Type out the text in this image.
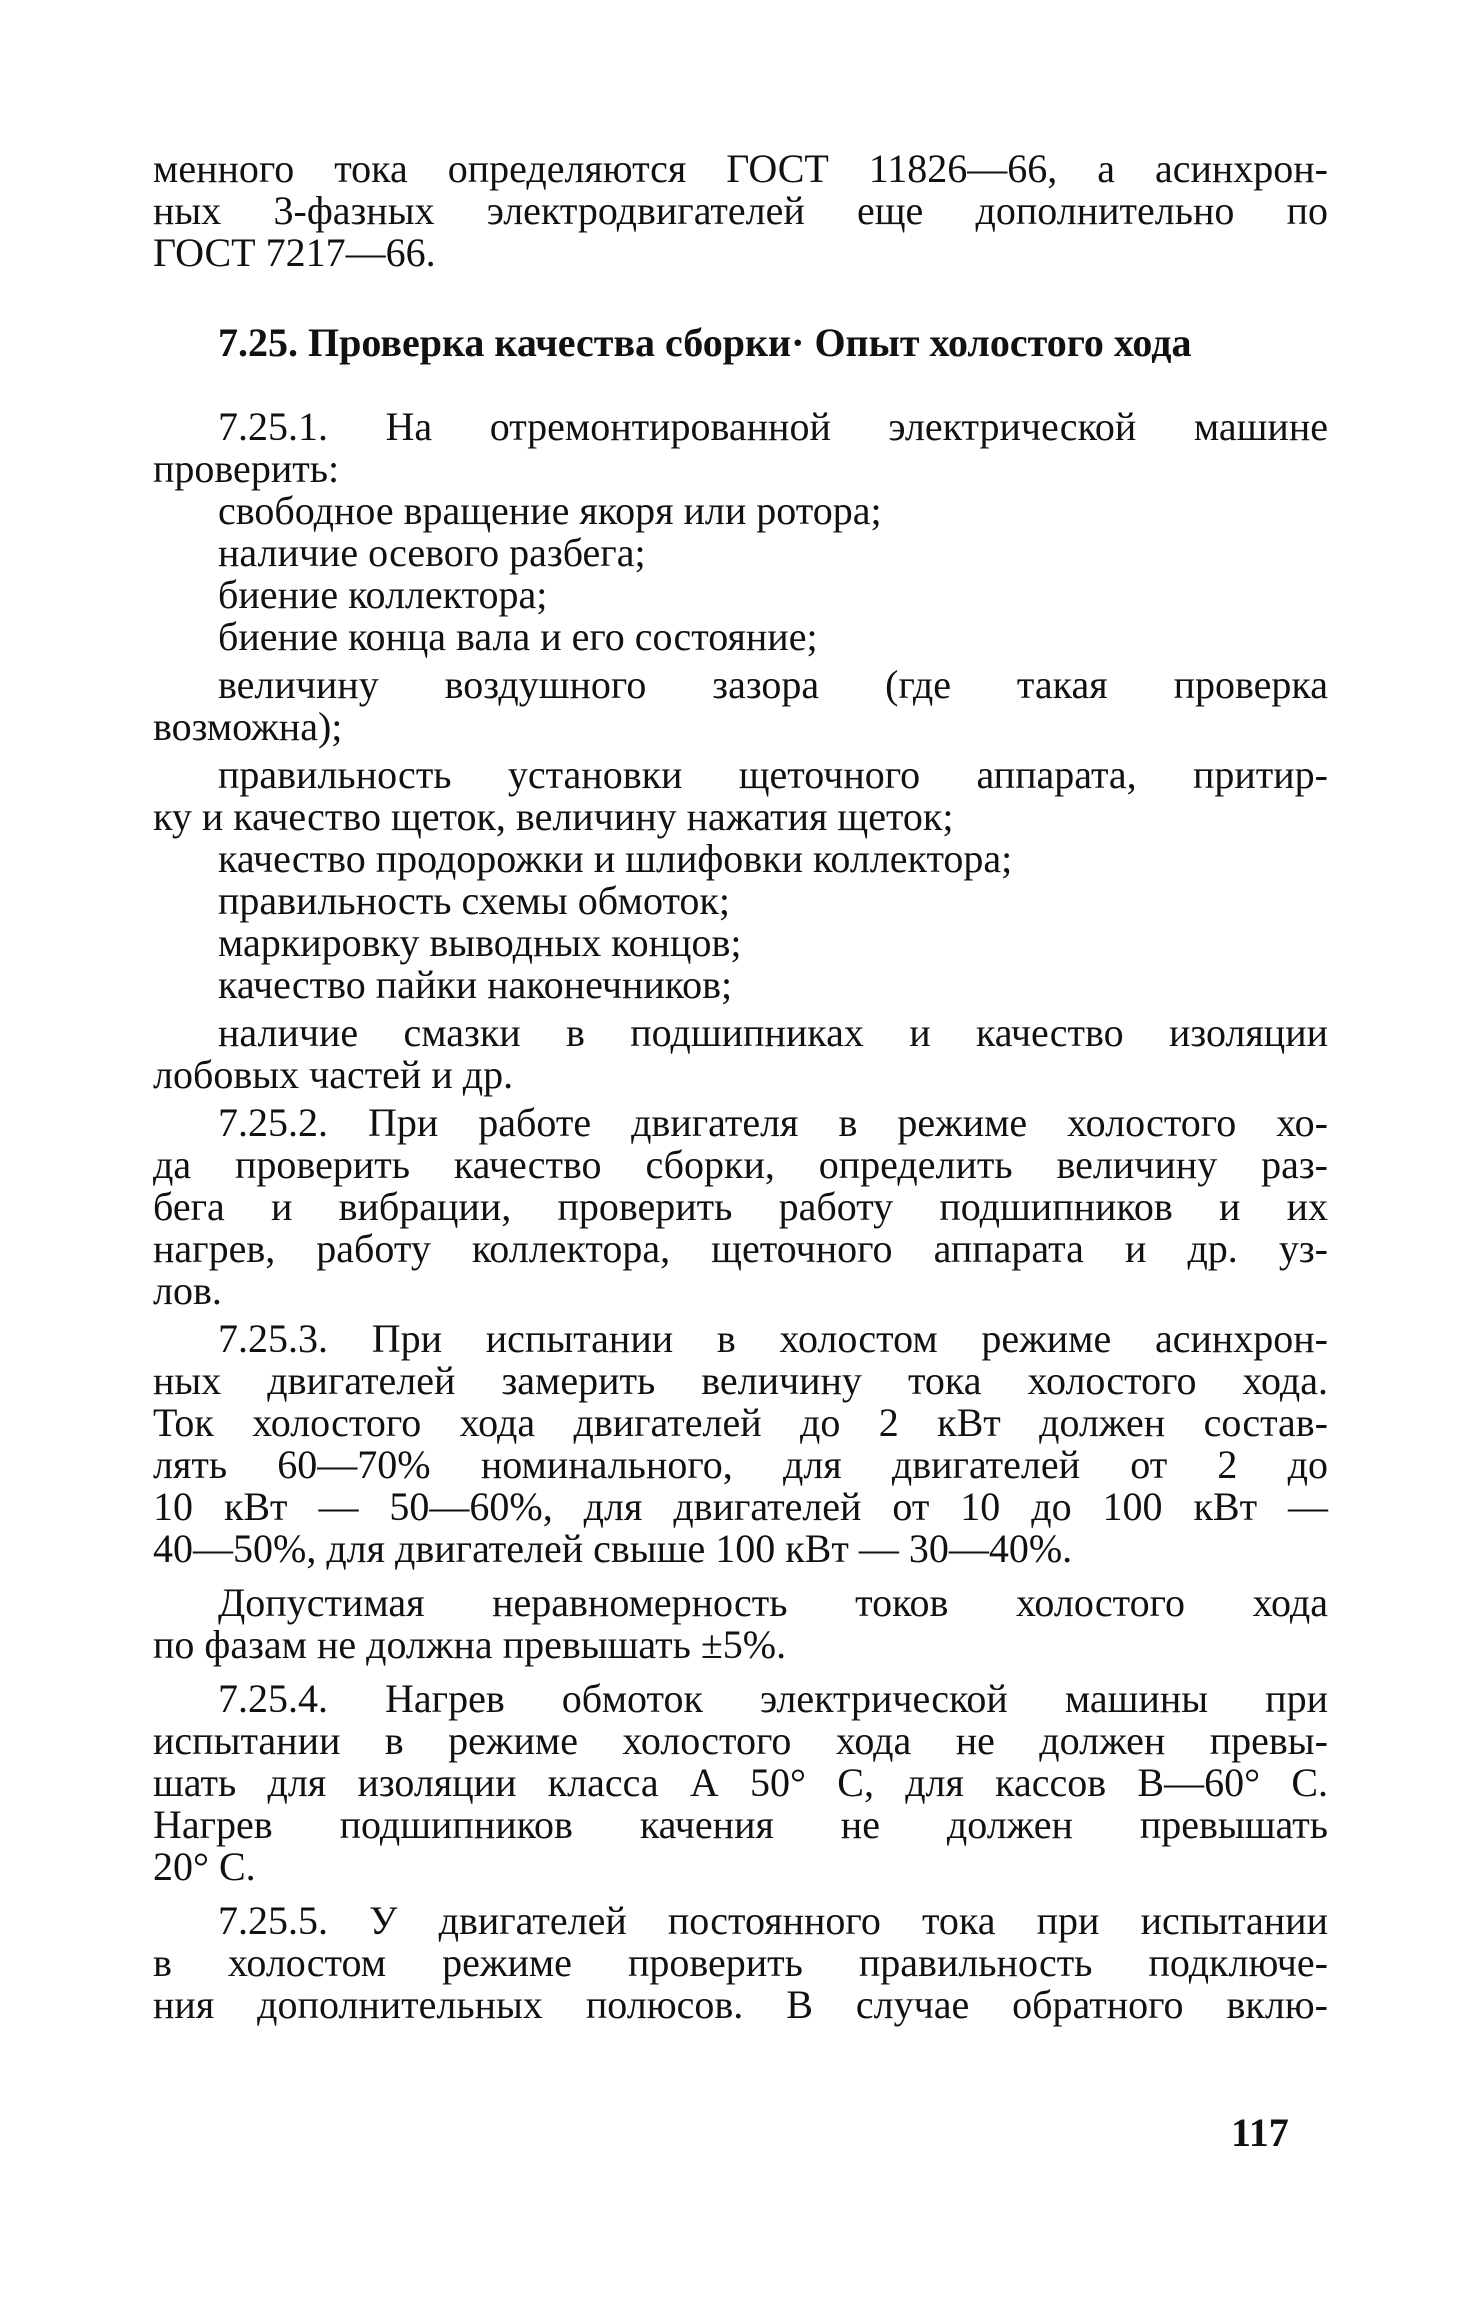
менного тока определяются ГОСТ 11826—66, а асинхрон-
ных 3-фазных электродвигателей еще дополнительно по
ГОСТ 7217—66.
7.25. Проверка качества сборки· Опыт холостого хода
7.25.1. На отремонтированной электрической машине
проверить:
свободное вращение якоря или ротора;
наличие осевого разбега;
биение коллектора;
биение конца вала и его состояние;
величину воздушного зазора (где такая проверка
возможна);
правильность установки щеточного аппарата, притир-
ку и качество щеток, величину нажатия щеток;
качество продорожки и шлифовки коллектора;
правильность схемы обмоток;
маркировку выводных концов;
качество пайки наконечников;
наличие смазки в подшипниках и качество изоляции
лобовых частей и др.
7.25.2. При работе двигателя в режиме холостого хо-
да проверить качество сборки, определить величину раз-
бега и вибрации, проверить работу подшипников и их
нагрев, работу коллектора, щеточного аппарата и др. уз-
лов.
7.25.3. При испытании в холостом режиме асинхрон-
ных двигателей замерить величину тока холостого хода.
Ток холостого хода двигателей до 2 кВт должен состав-
лять 60—70% номинального, для двигателей от 2 до
10 кВт — 50—60%, для двигателей от 10 до 100 кВт —
40—50%, для двигателей свыше 100 кВт — 30—40%.
Допустимая неравномерность токов холостого хода
по фазам не должна превышать ±5%.
7.25.4. Нагрев обмоток электрической машины при
испытании в режиме холостого хода не должен превы-
шать для изоляции класса А 50° С, для кассов В—60° С.
Нагрев подшипников качения не должен превышать
20° С.
7.25.5. У двигателей постоянного тока при испытании
в холостом режиме проверить правильность подключе-
ния дополнительных полюсов. В случае обратного вклю-
117
